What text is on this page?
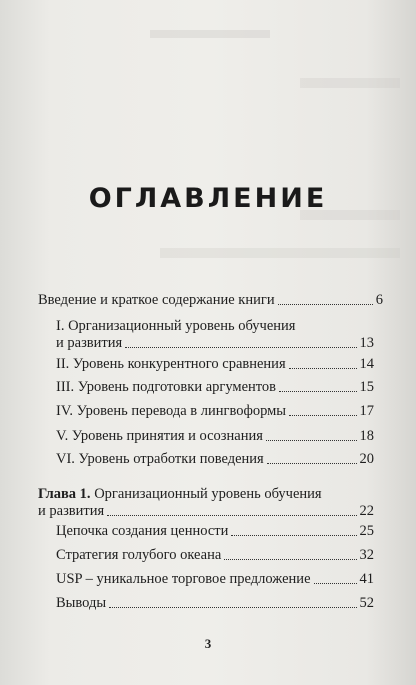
ОГЛАВЛЕНИЕ
Введение и краткое содержание книги	6
I. Организационный уровень обучения
и развития	13
II. Уровень конкурентного сравнения	14
III. Уровень подготовки аргументов	15
IV. Уровень перевода в лингвоформы	17
V. Уровень принятия и осознания	18
VI. Уровень отработки поведения	20
Глава 1. Организационный уровень обучения
и развития	22
Цепочка создания ценности	25
Стратегия голубого океана	32
USP – уникальное торговое предложение	41
Выводы	52
3
